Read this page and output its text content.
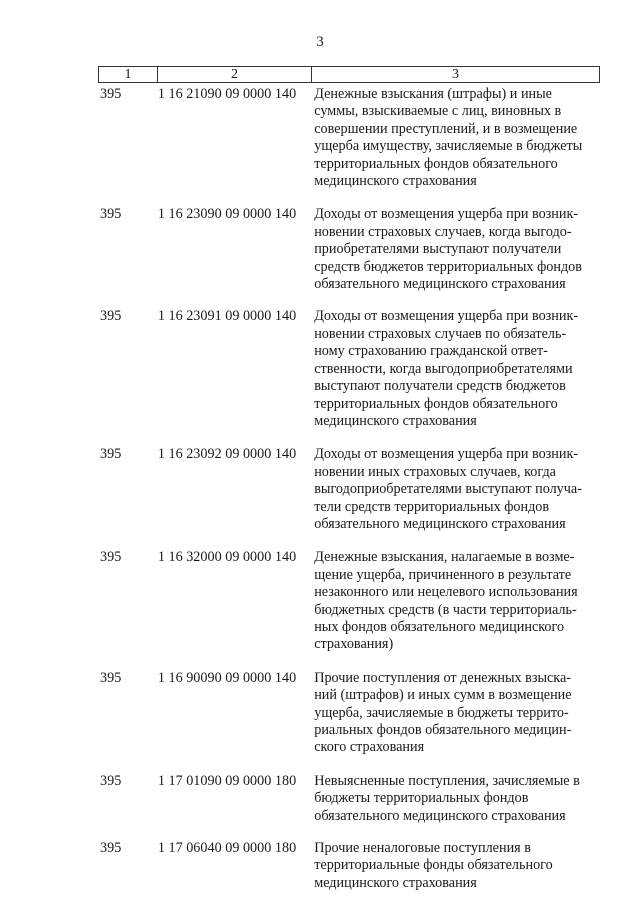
3
1	2	3
395	1 16 21090 09 0000 140	Денежные взыскания (штрафы) и иные
суммы, взыскиваемые с лиц, виновных в
совершении преступлений, и в возмещение
ущерба имуществу, зачисляемые в бюджеты
территориальных фондов обязательного
медицинского страхования
395	1 16 23090 09 0000 140	Доходы от возмещения ущерба при возник-
новении страховых случаев, когда выгодо-
приобретателями выступают получатели
средств бюджетов территориальных фондов
обязательного медицинского страхования
395	1 16 23091 09 0000 140	Доходы от возмещения ущерба при возник-
новении страховых случаев по обязатель-
ному страхованию гражданской ответ-
ственности, когда выгодоприобретателями
выступают получатели средств бюджетов
территориальных фондов обязательного
медицинского страхования
395	1 16 23092 09 0000 140	Доходы от возмещения ущерба при возник-
новении иных страховых случаев, когда
выгодоприобретателями выступают получа-
тели средств территориальных фондов
обязательного медицинского страхования
395	1 16 32000 09 0000 140	Денежные взыскания, налагаемые в возме-
щение ущерба, причиненного в результате
незаконного или нецелевого использования
бюджетных средств (в части территориаль-
ных фондов обязательного медицинского
страхования)
395	1 16 90090 09 0000 140	Прочие поступления от денежных взыска-
ний (штрафов) и иных сумм в возмещение
ущерба, зачисляемые в бюджеты террито-
риальных фондов обязательного медицин-
ского страхования
395	1 17 01090 09 0000 180	Невыясненные поступления, зачисляемые в
бюджеты территориальных фондов
обязательного медицинского страхования
395	1 17 06040 09 0000 180	Прочие неналоговые поступления в
территориальные фонды обязательного
медицинского страхования
